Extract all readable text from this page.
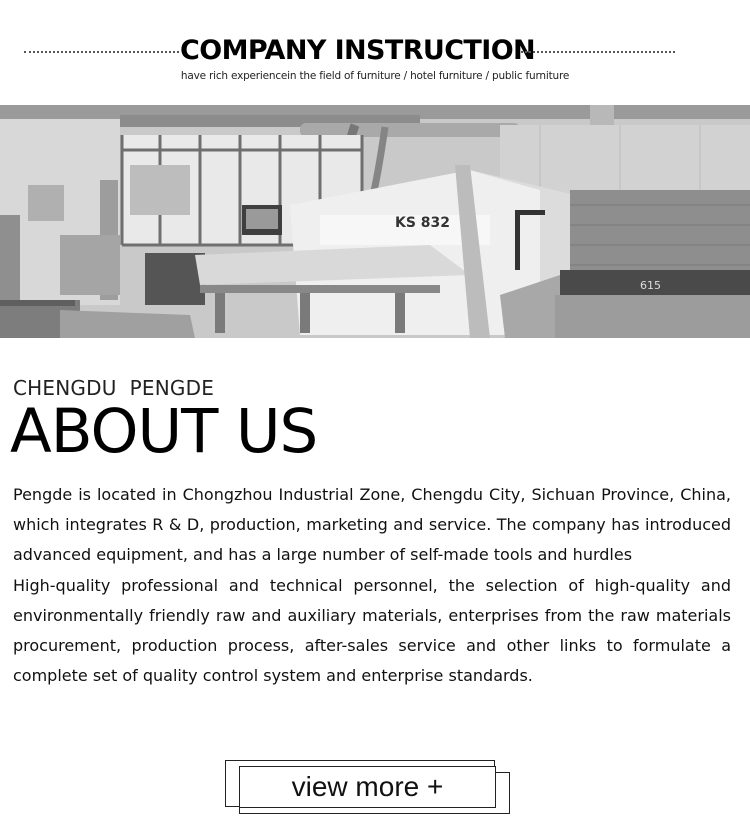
COMPANY INSTRUCTION
have rich experiencein the field of furniture / hotel furniture / public furniture
KS 832
615
CHENGDU  PENGDE
ABOUT US

Pengde is located in Chongzhou Industrial Zone, Chengdu City, Sichuan Province, China, which integrates R & D, production, marketing and service. The company has introduced advanced equipment, and has a large number of self-made tools and hurdles

High-quality professional and technical personnel, the selection of high-quality and environmentally friendly raw and auxiliary materials, enterprises from the raw materials procurement, production process, after-sales service and other links to formulate a complete set of quality control system and enterprise standards.

view more +
